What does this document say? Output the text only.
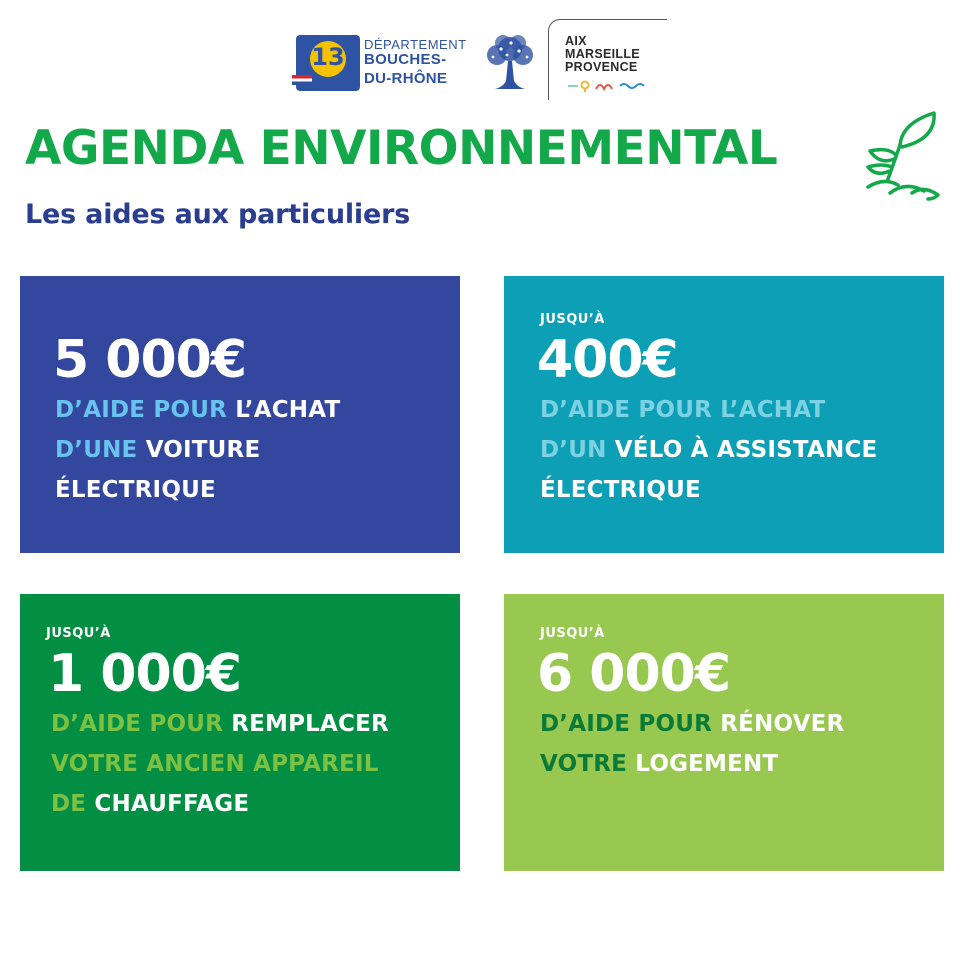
13 DÉPARTEMENT
BOUCHES-
DU-RHÔNE
AIX
MARSEILLE
PROVENCE
AGENDA ENVIRONNEMENTAL
Les aides aux particuliers
5 000€
D’AIDE POUR L’ACHAT
D’UNE VOITURE
ÉLECTRIQUE
JUSQU’À
400€
D’AIDE POUR L’ACHAT
D’UN VÉLO À ASSISTANCE
ÉLECTRIQUE
JUSQU’À
1 000€
D’AIDE POUR REMPLACER
VOTRE ANCIEN APPAREIL
DE CHAUFFAGE
JUSQU’À
6 000€
D’AIDE POUR RÉNOVER
VOTRE LOGEMENT
